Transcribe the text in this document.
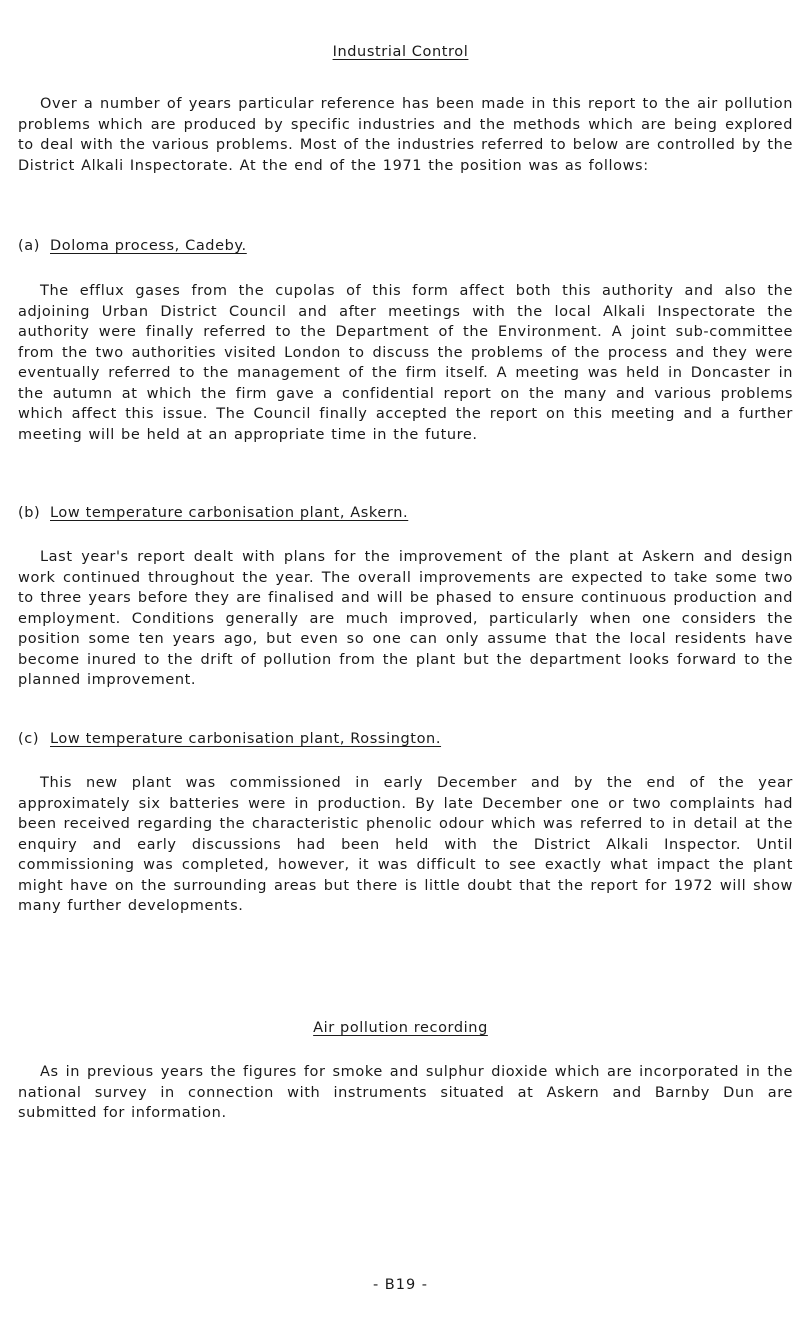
Industrial Control
Over a number of years particular reference has been made in this report to the air pollution problems which are produced by specific industries and the methods which are being explored to deal with the various problems. Most of the industries referred to below are controlled by the District Alkali Inspectorate. At the end of the 1971 the position was as follows:
(a) Doloma process, Cadeby.
The efflux gases from the cupolas of this form affect both this authority and also the adjoining Urban District Council and after meetings with the local Alkali Inspectorate the authority were finally referred to the Department of the Environment. A joint sub-committee from the two authorities visited London to discuss the problems of the process and they were eventually referred to the management of the firm itself. A meeting was held in Doncaster in the autumn at which the firm gave a confidential report on the many and various problems which affect this issue. The Council finally accepted the report on this meeting and a further meeting will be held at an appropriate time in the future.
(b) Low temperature carbonisation plant, Askern.
Last year's report dealt with plans for the improvement of the plant at Askern and design work continued throughout the year. The overall improvements are expected to take some two to three years before they are finalised and will be phased to ensure continuous production and employment. Conditions generally are much improved, particularly when one considers the position some ten years ago, but even so one can only assume that the local residents have become inured to the drift of pollution from the plant but the department looks forward to the planned improvement.
(c) Low temperature carbonisation plant, Rossington.
This new plant was commissioned in early December and by the end of the year approximately six batteries were in production. By late December one or two complaints had been received regarding the characteristic phenolic odour which was referred to in detail at the enquiry and early discussions had been held with the District Alkali Inspector. Until commissioning was completed, however, it was difficult to see exactly what impact the plant might have on the surrounding areas but there is little doubt that the report for 1972 will show many further developments.
Air pollution recording
As in previous years the figures for smoke and sulphur dioxide which are incorporated in the national survey in connection with instruments situated at Askern and Barnby Dun are submitted for information.
- B19 -
